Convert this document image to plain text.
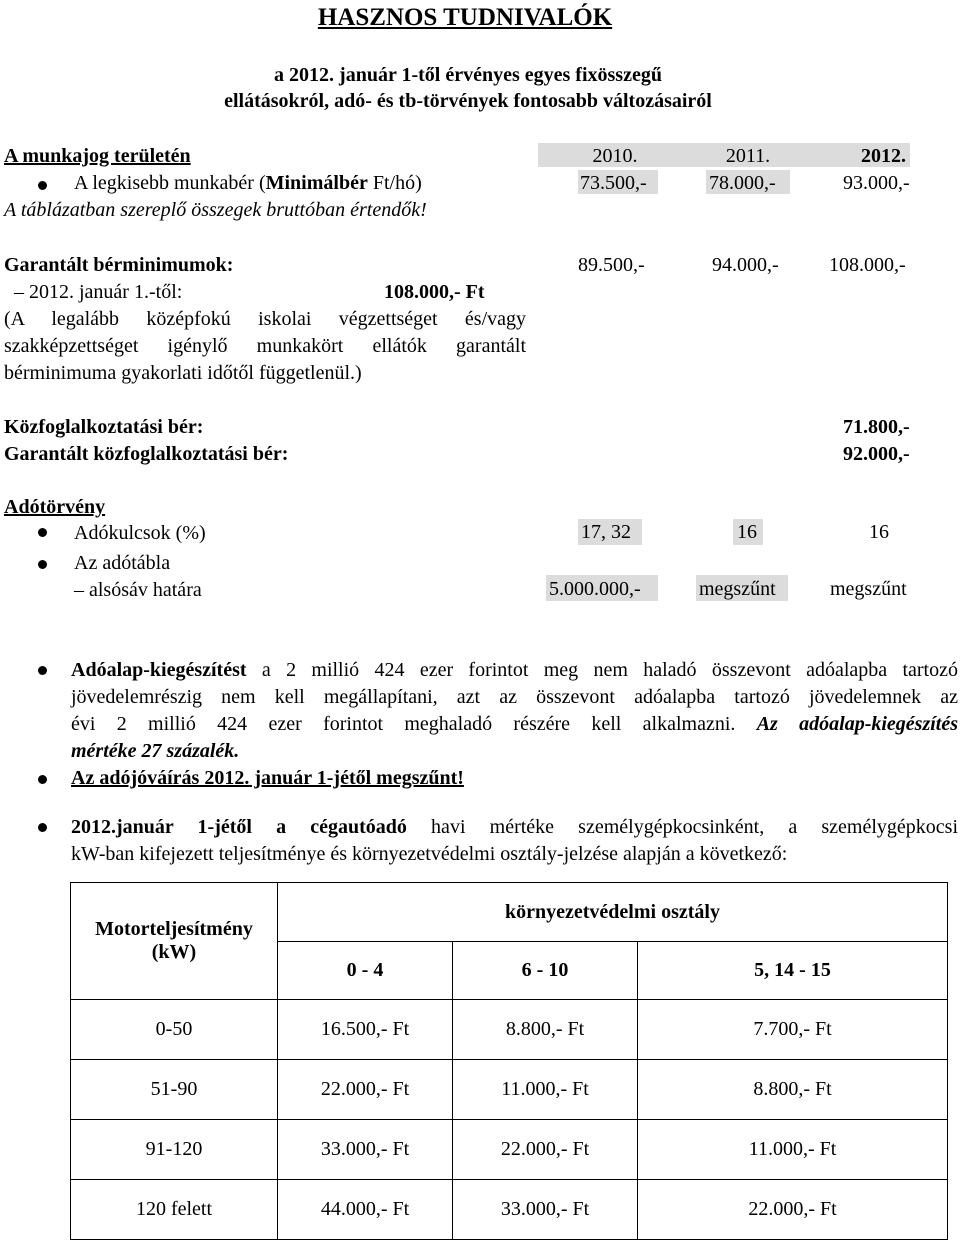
HASZNOS TUDNIVALÓK
a 2012. január 1-től érvényes egyes fixösszegű
ellátásokról, adó- és tb-törvények fontosabb változásairól
A munkajog területén	2010.	2011.	2012.
A legkisebb munkabér (Minimálbér Ft/hó)	73.500,-	78.000,-	93.000,-
A táblázatban szereplő összegek bruttóban értendők!
Garantált bérminimumok:	89.500,-	94.000,-	108.000,-
– 2012. január 1.-től:	108.000,- Ft
(A legalább középfokú iskolai végzettséget és/vagy
szakképzettséget igénylő munkakört ellátók garantált
bérminimuma gyakorlati időtől függetlenül.)
Közfoglalkoztatási bér:	71.800,-
Garantált közfoglalkoztatási bér:	92.000,-
Adótörvény
Adókulcsok (%)	17, 32	16	16
Az adótábla
– alsósáv határa	5.000.000,-	megszűnt	megszűnt
Adóalap-kiegészítést a 2 millió 424 ezer forintot meg nem haladó összevont adóalapba tartozó
jövedelemrészig nem kell megállapítani, azt az összevont adóalapba tartozó jövedelemnek az
évi 2 millió 424 ezer forintot meghaladó részére kell alkalmazni. Az adóalap-kiegészítés
mértéke 27 százalék.
Az adójóváírás 2012. január 1-jétől megszűnt!
2012.január 1-jétől a cégautóadó havi mértéke személygépkocsinként, a személygépkocsi
kW-ban kifejezett teljesítménye és környezetvédelmi osztály-jelzése alapján a következő:
Motorteljesítmény
(kW)	környezetvédelmi osztály		
	0 - 4	6 - 10	5, 14 - 15
0-50	16.500,- Ft	8.800,- Ft	7.700,- Ft
51-90	22.000,- Ft	11.000,- Ft	8.800,- Ft
91-120	33.000,- Ft	22.000,- Ft	11.000,- Ft
120 felett	44.000,- Ft	33.000,- Ft	22.000,- Ft
